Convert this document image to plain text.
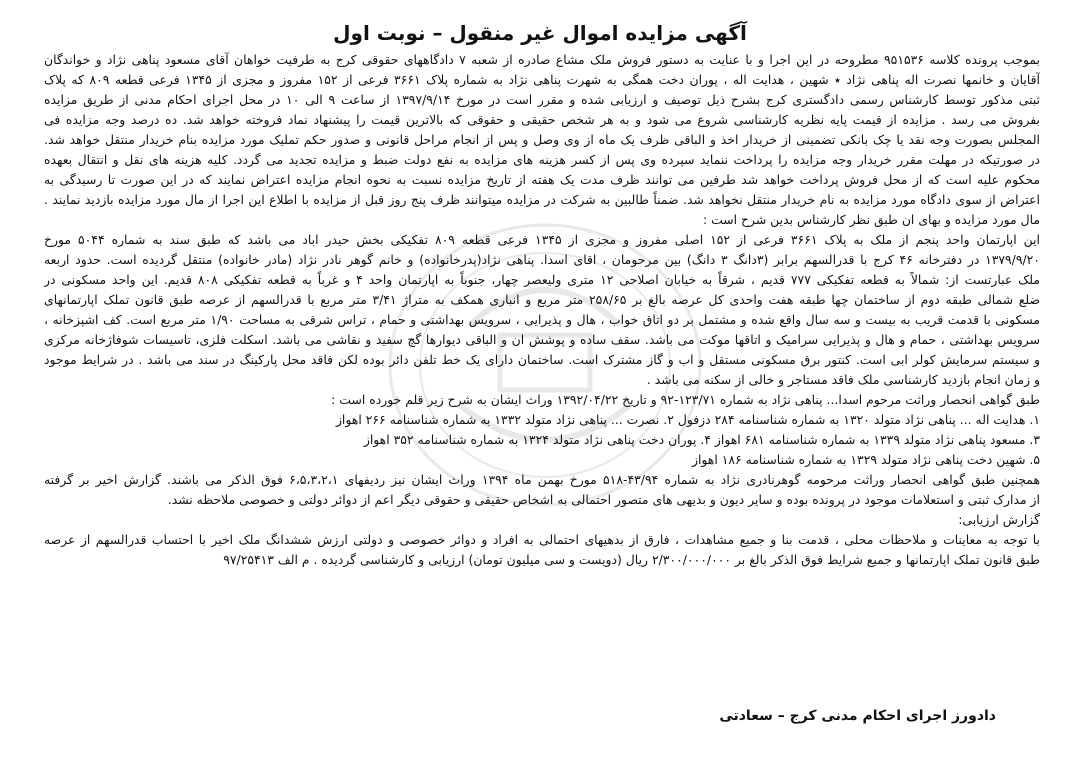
آگهی مزایده اموال غیر منقول – نوبت اول
بموجب پرونده کلاسه ۹۵۱۵۳۶ مطروحه در این اجرا و با عنایت به دستور فروش ملک مشاع صادره از شعبه ۷ دادگاههای حقوقی کرج به طرفیت خواهان آقای مسعود پناهی نژاد و خواندگان
آقایان و خانمها نصرت اله پناهی نژاد ٭ شهین ، هدایت اله ، پوران دخت همگی به شهرت پناهی نژاد به شماره پلاک ۳۶۶۱ فرعی از ۱۵۲ مفروز و مجزی از ۱۳۴۵ فرعی قطعه ۸۰۹ که پلاک
ثبتی مذکور توسط کارشناس رسمی دادگستری کرج بشرح ذیل توصیف و ارزیابی شده و مقرر است در مورخ ۱۳۹۷/۹/۱۴ از ساعت ۹ الی ۱۰ در محل اجرای احکام مدنی از طریق مزایده
بفروش می رسد . مزایده از قیمت پایه نظریه کارشناسی شروع می شود و به هر شخص حقیقی و حقوقی که بالاترین قیمت را پیشنهاد نماد فروخته خواهد شد. ده درصد وجه مزایده فی
المجلس بصورت وجه نقد یا چک بانکی تضمینی از خریدار اخذ و الباقی ظرف یک ماه از وی وصل و پس از انجام مراحل قانونی و صدور حکم تملیک مورد مزایده بنام خریدار منتقل خواهد شد.
در صورتیکه در مهلت مقرر خریدار وجه مزایده را پرداخت ننماید سپرده وی پس از کسر هزینه های مزایده به نفع دولت ضبط و مزایده تجدید می گردد. کلیه هزینه های نقل و انتقال بعهده
محکوم علیه است که از محل فروش پرداخت خواهد شد طرفین می توانند ظرف مدت یک هفته از تاریخ مزایده نسبت به نحوه انجام مزایده اعتراض نمایند که در این صورت تا رسیدگی به
اعتراض از سوی دادگاه مورد مزایده به نام خریدار منتقل نخواهد شد. ضمناً طالبین به شرکت در مزایده میتوانند ظرف پنج روز قبل از مزایده با اطلاع این اجرا از مال مورد مزایده بازدید نمایند .
مال مورد مزایده و بهای ان طبق نظر کارشناس بدین شرح است :
این اپارتمان واحد پنجم از ملک به پلاک ۳۶۶۱ فرعی از ۱۵۲ اصلی مفروز و مجزی از ۱۳۴۵ فرعی قطعه ۸۰۹ تفکیکی بخش حیدر اباد می باشد که طبق سند به شماره ۵۰۴۴ مورخ
۱۳۷۹/۹/۲۰ در دفترخانه ۴۶ کرج با قدرالسهم برابر (۳دانگ ۳ دانگ) بین مرحومان ، اقای اسدا. پناهی نژاد(پدرخانواده) و خانم گوهر نادر نژاد (مادر خانواده) منتقل گردیده است. حدود اربعه
ملک عبارتست از: شمالاً به قطعه تفکیکی ۷۷۷ قدیم ، شرقاً به خیابان اصلاحی ۱۲ متری ولیعصر چهار، جنوباً به اپارتمان واحد ۴ و غرباً به قطعه تفکیکی ۸۰۸ قدیم. این واحد مسکونی در
ضلع شمالی طبقه دوم از ساختمان چها طبقه هفت واحدی کل عرصه بالغ بر ۲۵۸/۶۵ متر مربع و انباری همکف به متراژ ۳/۴۱ متر مربع با قدرالسهم از عرصه طبق قانون تملک اپارتمانهای
مسکونی با قدمت قریب به بیست و سه سال واقع شده و مشتمل بر دو اتاق خواب ، هال و پذیرایی ، سرویس بهداشتی و حمام ، تراس شرقی به مساحت ۱/۹۰ متر مربع است. کف اشپزخانه ،
سرویس بهداشتی ، حمام و هال و پذیرایی سرامیک و اتاقها موکت می باشد. سقف ساده و پوشش ان و الباقی دیوارها گچ سفید و نقاشی می باشد. اسکلت فلزی، تاسیسات شوفاژخانه مرکزی
و سیستم سرمایش کولر ابی است. کنتور برق مسکونی مستقل و اب و گاز مشترک است. ساختمان دارای یک خط تلفن دائر بوده لکن فاقد محل پارکینگ در سند می باشد . در شرایط موجود
و زمان انجام بازدید کارشناسی ملک فاقد مستاجر و خالی از سکنه می باشد .
طبق گواهی انحصار وراثت مرحوم اسدا... پناهی نژاد به شماره ۱۲۳/۷۱-۹۲ و تاریخ ۱۳۹۲/۰۴/۲۲ وراث ایشان به شرح زیر قلم خورده است :
۱. هدایت اله ... پناهی نژاد متولد ۱۳۲۰ به شماره شناسنامه ۲۸۴ دزفول ۲. نصرت ... پناهی نژاد متولد ۱۳۳۲ به شماره شناسنامه ۲۶۶ اهواز
۳. مسعود پناهی نژاد متولد ۱۳۳۹ به شماره شناسنامه ۶۸۱ اهواز ۴. پوران دخت پناهی نژاد متولد ۱۳۲۴ به شماره شناسنامه ۳۵۲ اهواز
۵. شهین دخت پناهی نژاد متولد ۱۳۲۹ به شماره شناسنامه ۱۸۶ اهواز
همچنین طبق گواهی انحصار وراثت مرحومه گوهرنادری نژاد به شماره ۴۳/۹۴-۵۱۸ مورخ بهمن ماه ۱۳۹۴ وراث ایشان نیز ردیفهای ۶،۵،۳،۲،۱ فوق الذکر می باشند. گزارش اخیر بر گرفته
از مدارک ثبتی و استعلامات موجود در پرونده بوده و سایر دیون و بدیهی های متصور احتمالی به اشخاص حقیقی و حقوقی دیگر اعم از دوائر دولتی و خصوصی ملاحظه نشد.
گزارش ارزیابی:
با توجه به معاینات و ملاحظات محلی ، قدمت بنا و جمیع مشاهدات ، فارق از بدهیهای احتمالی به افراد و دوائر خصوصی و دولتی ارزش ششدانگ ملک اخیر با احتساب قدرالسهم از عرصه
طبق قانون تملک اپارتمانها و جمیع شرایط فوق الذکر بالغ بر ۲/۳۰۰/۰۰۰/۰۰۰ ریال (دویست و سی میلیون تومان) ارزیابی و کارشناسی گردیده . م الف ۹۷/۲۵۴۱۳
دادورز اجرای احکام مدنی کرج – سعادتی
